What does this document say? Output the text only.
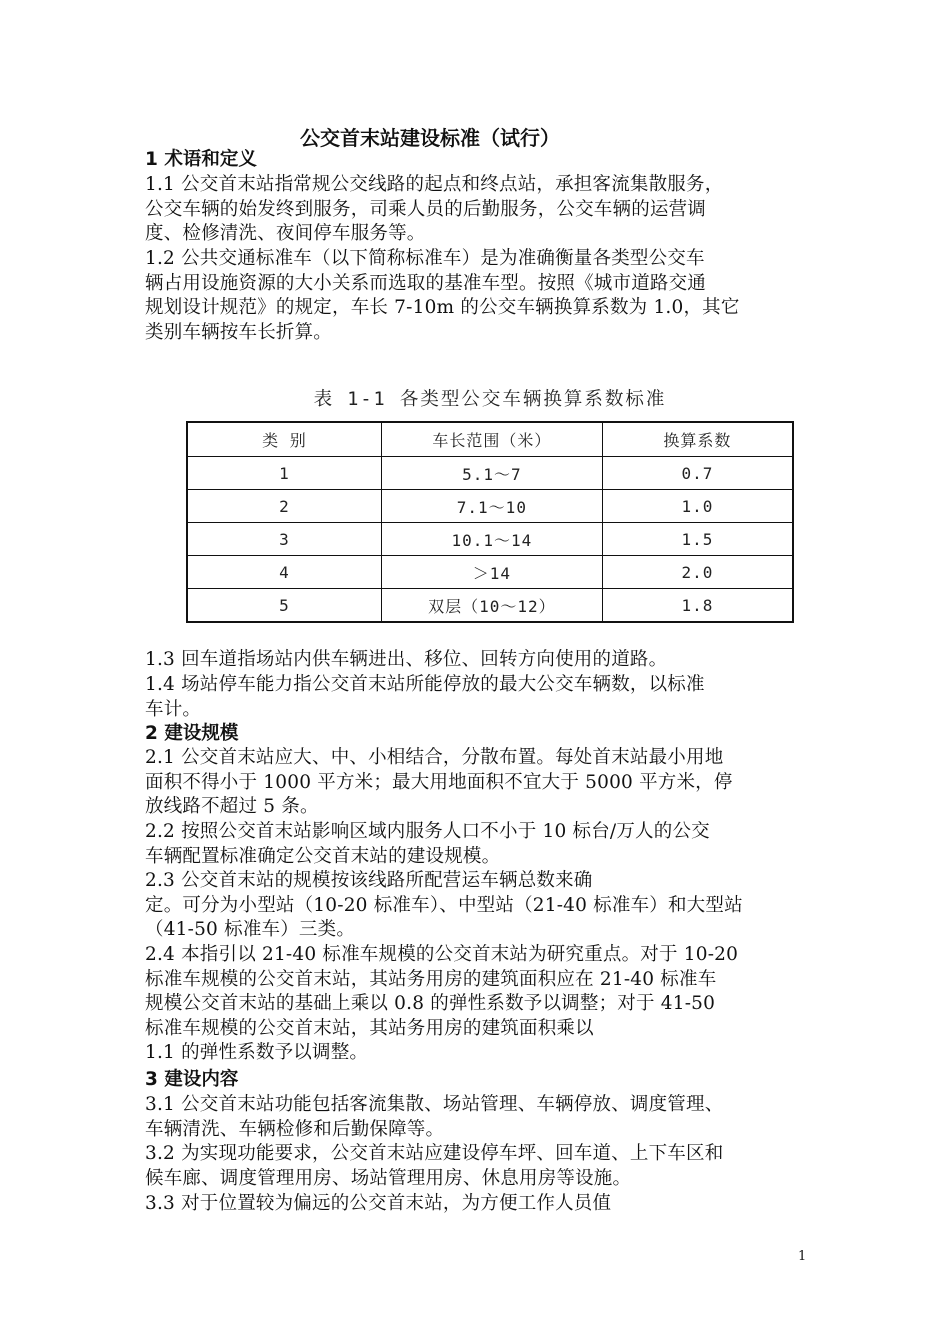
公交首末站建设标准（试行）
1 术语和定义
1.1 公交首末站指常规公交线路的起点和终点站，承担客流集散服务，
公交车辆的始发终到服务，司乘人员的后勤服务，公交车辆的运营调
度、检修清洗、夜间停车服务等。
1.2 公共交通标准车（以下简称标准车）是为准确衡量各类型公交车
辆占用设施资源的大小关系而选取的基准车型。按照《城市道路交通
规划设计规范》的规定，车长 7-10m 的公交车辆换算系数为 1.0，其它
类别车辆按车长折算。
表 1-1 各类型公交车辆换算系数标准
类 别	车长范围（米）	换算系数
1	5.1～7	0.7
2	7.1～10	1.0
3	10.1～14	1.5
4	＞14	2.0
5	双层（10～12）	1.8
1.3 回车道指场站内供车辆进出、移位、回转方向使用的道路。
1.4 场站停车能力指公交首末站所能停放的最大公交车辆数，以标准
车计。
2 建设规模
2.1 公交首末站应大、中、小相结合，分散布置。每处首末站最小用地
面积不得小于 1000 平方米；最大用地面积不宜大于 5000 平方米，停
放线路不超过 5 条。
2.2 按照公交首末站影响区域内服务人口不小于 10 标台/万人的公交
车辆配置标准确定公交首末站的建设规模。
2.3 公交首末站的规模按该线路所配营运车辆总数来确
定。可分为小型站（10-20 标准车）、中型站（21-40 标准车）和大型站
（41-50 标准车）三类。
2.4 本指引以 21-40 标准车规模的公交首末站为研究重点。对于 10-20
标准车规模的公交首末站，其站务用房的建筑面积应在 21-40 标准车
规模公交首末站的基础上乘以 0.8 的弹性系数予以调整；对于 41-50
标准车规模的公交首末站，其站务用房的建筑面积乘以
1.1 的弹性系数予以调整。
3 建设内容
3.1 公交首末站功能包括客流集散、场站管理、车辆停放、调度管理、
车辆清洗、车辆检修和后勤保障等。
3.2 为实现功能要求，公交首末站应建设停车坪、回车道、上下车区和
候车廊、调度管理用房、场站管理用房、休息用房等设施。
3.3 对于位置较为偏远的公交首末站，为方便工作人员值
1
